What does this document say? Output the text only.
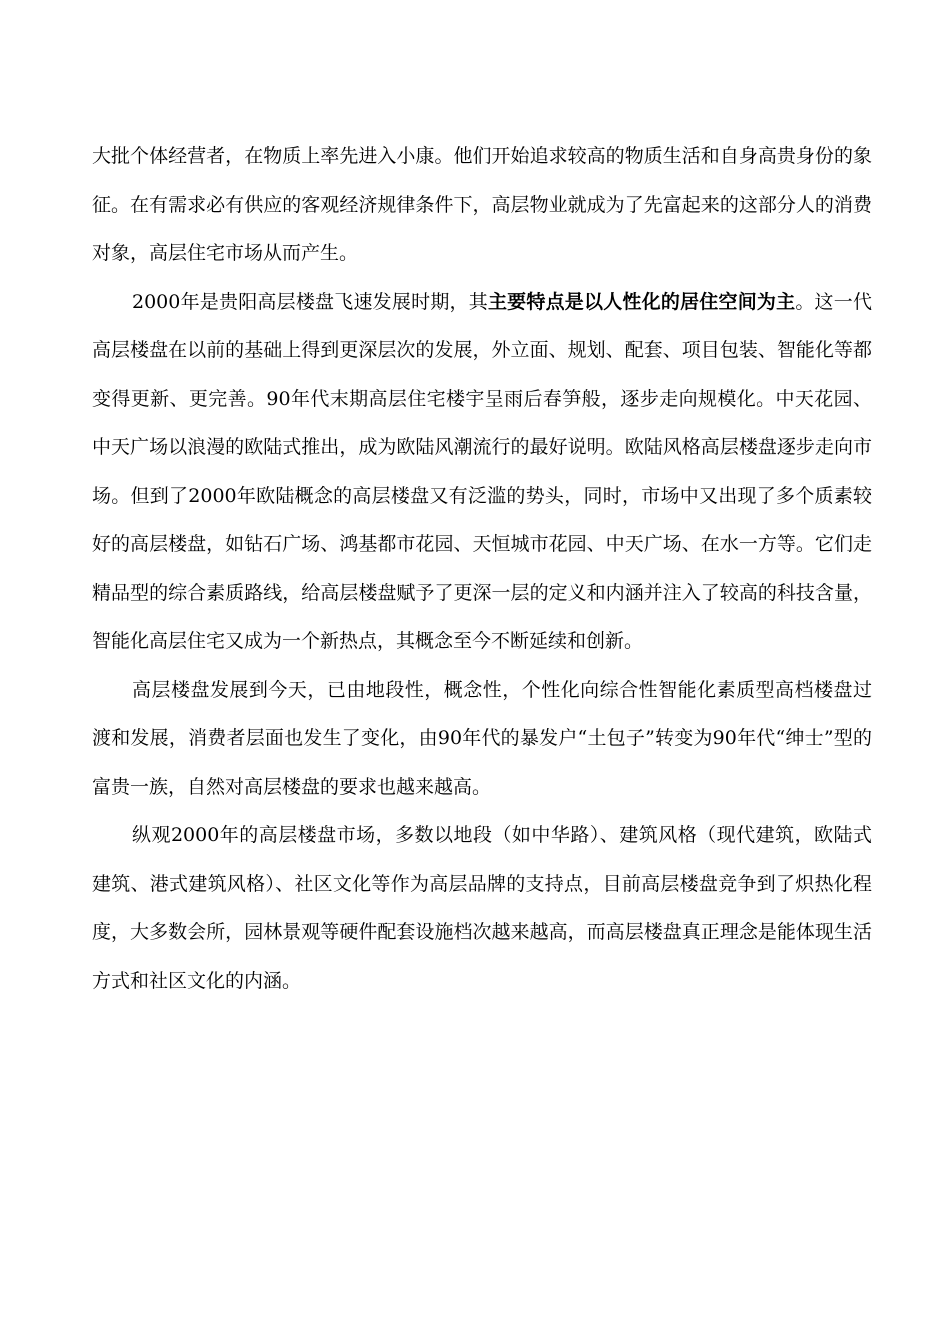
大批个体经营者，在物质上率先进入小康。他们开始追求较高的物质生活和自身高贵身份的象征。在有需求必有供应的客观经济规律条件下，高层物业就成为了先富起来的这部分人的消费对象，高层住宅市场从而产生。

2000年是贵阳高层楼盘飞速发展时期，其主要特点是以人性化的居住空间为主。这一代高层楼盘在以前的基础上得到更深层次的发展，外立面、规划、配套、项目包装、智能化等都变得更新、更完善。90年代末期高层住宅楼宇呈雨后春笋般，逐步走向规模化。中天花园、中天广场以浪漫的欧陆式推出，成为欧陆风潮流行的最好说明。欧陆风格高层楼盘逐步走向市场。但到了2000年欧陆概念的高层楼盘又有泛滥的势头，同时，市场中又出现了多个质素较好的高层楼盘，如钻石广场、鸿基都市花园、天恒城市花园、中天广场、在水一方等。它们走精品型的综合素质路线，给高层楼盘赋予了更深一层的定义和内涵并注入了较高的科技含量，智能化高层住宅又成为一个新热点，其概念至今不断延续和创新。

高层楼盘发展到今天，已由地段性，概念性，个性化向综合性智能化素质型高档楼盘过渡和发展，消费者层面也发生了变化，由90年代的暴发户“土包子”转变为90年代“绅士”型的富贵一族，自然对高层楼盘的要求也越来越高。

纵观2000年的高层楼盘市场，多数以地段（如中华路）、建筑风格（现代建筑，欧陆式建筑、港式建筑风格）、社区文化等作为高层品牌的支持点，目前高层楼盘竞争到了炽热化程度，大多数会所，园林景观等硬件配套设施档次越来越高，而高层楼盘真正理念是能体现生活方式和社区文化的内涵。
